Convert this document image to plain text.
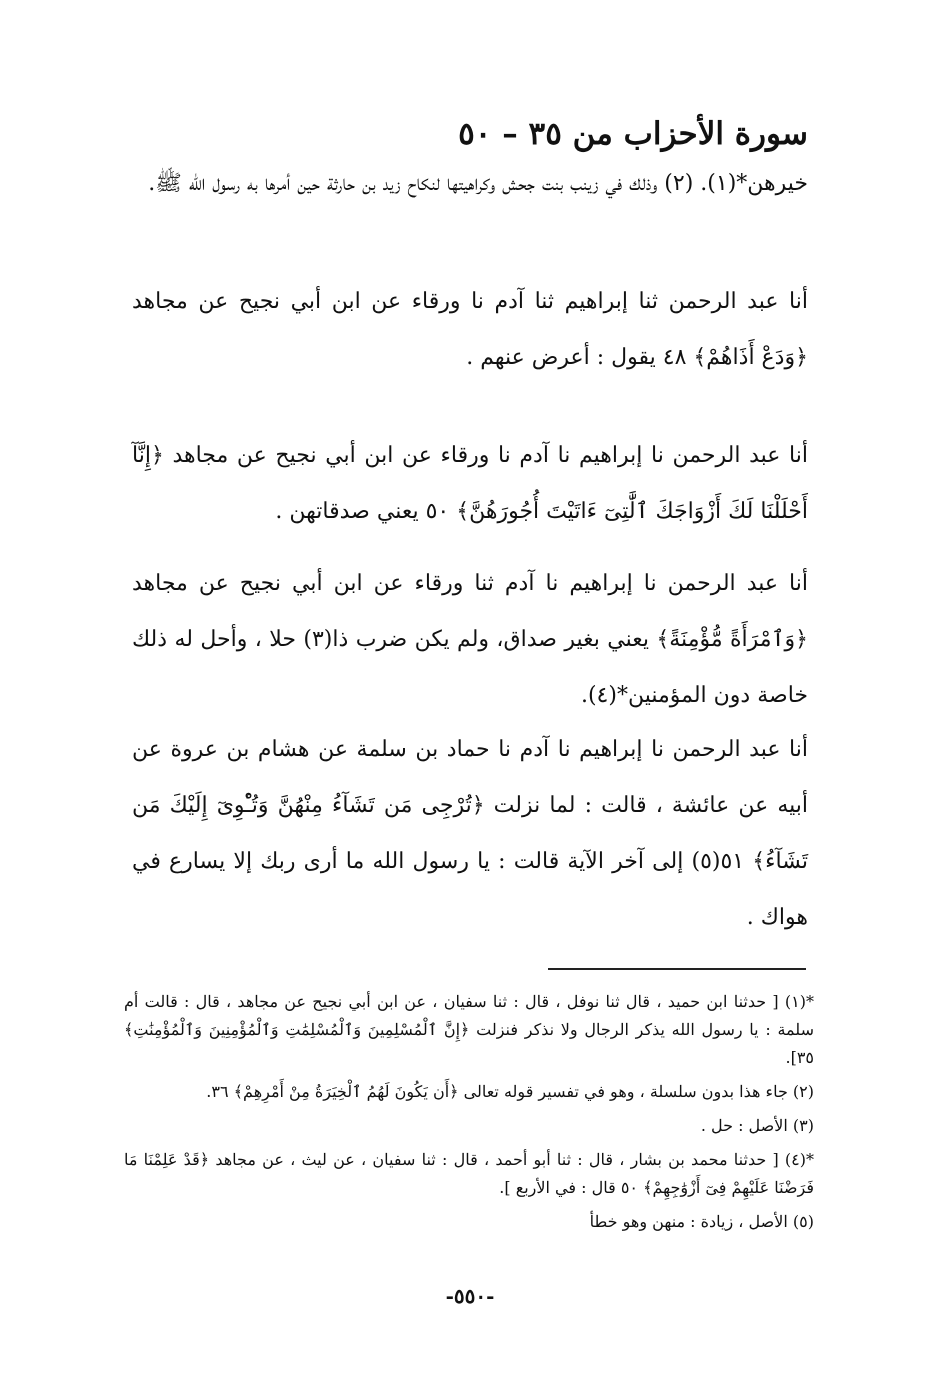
سورة الأحزاب من ٣٥ – ٥٠
خيرهن*(١). (٢) وذلك في زينب بنت جحش وكراهيتها لنكاح زيد بن حارثة حين أمرها به رسول الله ﷺ.
أنا عبد الرحمن ثنا إبراهيم ثنا آدم نا ورقاء عن ابن أبي نجيح عن مجاهد ﴿وَدَعْ أَذَاهُمْ﴾ ٤٨ يقول : أعرض عنهم .
أنا عبد الرحمن نا إبراهيم نا آدم نا ورقاء عن ابن أبي نجيح عن مجاهد ﴿إِنَّآ أَحْلَلْنَا لَكَ أَزْوَاجَكَ ٱلَّٰتِىٓ ءَاتَيْتَ أُجُورَهُنَّ﴾ ٥٠ يعني صدقاتهن .
أنا عبد الرحمن نا إبراهيم نا آدم ثنا ورقاء عن ابن أبي نجيح عن مجاهد ﴿وَٱمْرَأَةً مُّؤْمِنَةً﴾ يعني بغير صداق، ولم يكن ضرب ذا(٣) حلا ، وأحل له ذلك خاصة دون المؤمنين*(٤).
أنا عبد الرحمن نا إبراهيم نا آدم نا حماد بن سلمة عن هشام بن عروة عن أبيه عن عائشة ، قالت : لما نزلت ﴿تُرْجِى مَن تَشَآءُ مِنْهُنَّ وَتُـْٔوِىٓ إِلَيْكَ مَن تَشَآءُ﴾ ٥١(٥) إلى آخر الآية قالت : يا رسول الله ما أرى ربك إلا يسارع في هواك .

*(١) [ حدثنا ابن حميد ، قال ثنا نوفل ، قال : ثنا سفيان ، عن ابن أبي نجيح عن مجاهد ، قال : قالت أم سلمة : يا رسول الله يذكر الرجال ولا نذكر فنزلت ﴿إِنَّ ٱلْمُسْلِمِينَ وَٱلْمُسْلِمَٰتِ وَٱلْمُؤْمِنِينَ وَٱلْمُؤْمِنَٰتِ﴾ ٣٥].

(٢) جاء هذا بدون سلسلة ، وهو في تفسير قوله تعالى ﴿أَن يَكُونَ لَهُمُ ٱلْخِيَرَةُ مِنْ أَمْرِهِمْ﴾ ٣٦.

(٣) الأصل : حل .

*(٤) [ حدثنا محمد بن بشار ، قال : ثنا أبو أحمد ، قال : ثنا سفيان ، عن ليث ، عن مجاهد ﴿قَدْ عَلِمْنَا مَا فَرَضْنَا عَلَيْهِمْ فِىٓ أَزْوَٰجِهِمْ﴾ ٥٠ قال : في الأربع ].

(٥) الأصل ، زيادة : منهن وهو خطأ

-٥٥٠-
